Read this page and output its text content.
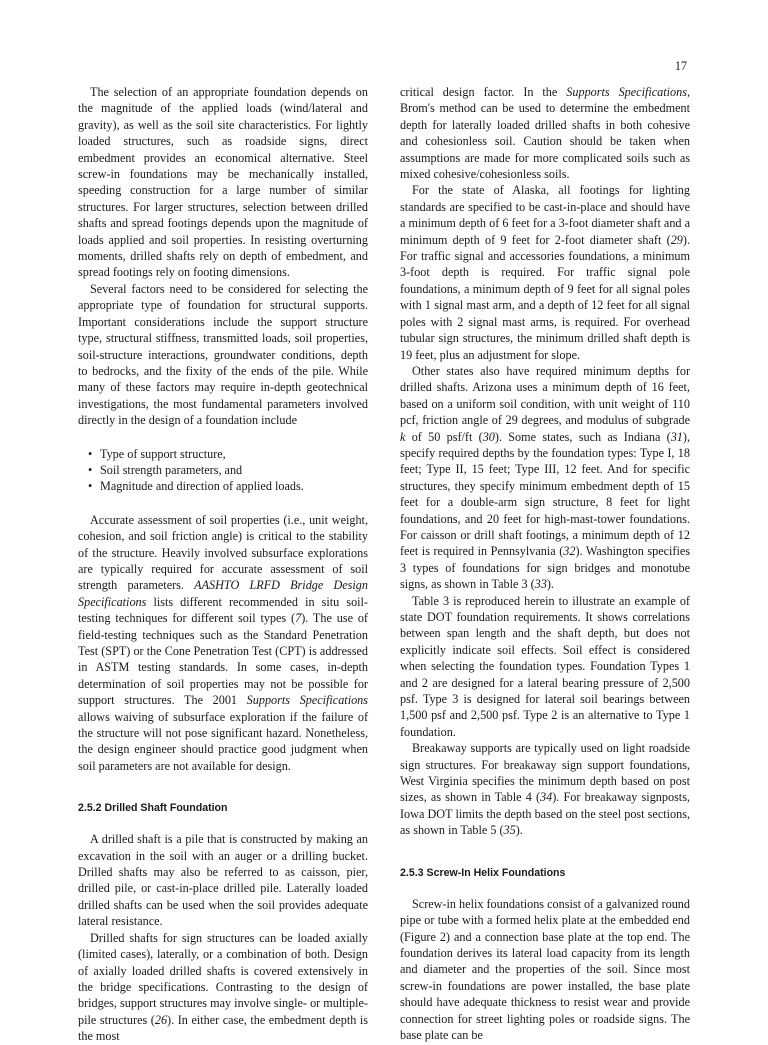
17

The selection of an appropriate foundation depends on the magnitude of the applied loads (wind/lateral and gravity), as well as the soil site characteristics. For lightly loaded structures, such as roadside signs, direct embedment provides an economical alternative. Steel screw-in foundations may be mechanically installed, speeding construction for a large number of similar structures. For larger structures, selection between drilled shafts and spread footings depends upon the magnitude of loads applied and soil properties. In resisting overturning moments, drilled shafts rely on depth of embedment, and spread footings rely on footing dimensions.

Several factors need to be considered for selecting the appropriate type of foundation for structural supports. Important considerations include the support structure type, structural stiffness, transmitted loads, soil properties, soil-structure interactions, groundwater conditions, depth to bedrocks, and the fixity of the ends of the pile. While many of these factors may require in-depth geotechnical investigations, the most fundamental parameters involved directly in the design of a foundation include

• Type of support structure,
• Soil strength parameters, and
• Magnitude and direction of applied loads.

Accurate assessment of soil properties (i.e., unit weight, cohesion, and soil friction angle) is critical to the stability of the structure. Heavily involved subsurface explorations are typically required for accurate assessment of soil strength parameters. AASHTO LRFD Bridge Design Specifications lists different recommended in situ soil-testing techniques for different soil types (7). The use of field-testing techniques such as the Standard Penetration Test (SPT) or the Cone Penetration Test (CPT) is addressed in ASTM testing standards. In some cases, in-depth determination of soil properties may not be possible for support structures. The 2001 Supports Specifications allows waiving of subsurface exploration if the failure of the structure will not pose significant hazard. Nonetheless, the design engineer should practice good judgment when soil parameters are not available for design.

2.5.2 Drilled Shaft Foundation

A drilled shaft is a pile that is constructed by making an excavation in the soil with an auger or a drilling bucket. Drilled shafts may also be referred to as caisson, pier, drilled pile, or cast-in-place drilled pile. Laterally loaded drilled shafts can be used when the soil provides adequate lateral resistance.

Drilled shafts for sign structures can be loaded axially (limited cases), laterally, or a combination of both. Design of axially loaded drilled shafts is covered extensively in the bridge specifications. Contrasting to the design of bridges, support structures may involve single- or multiple-pile structures (26). In either case, the embedment depth is the most

critical design factor. In the Supports Specifications, Brom's method can be used to determine the embedment depth for laterally loaded drilled shafts in both cohesive and cohesionless soil. Caution should be taken when assumptions are made for more complicated soils such as mixed cohesive/cohesionless soils.

For the state of Alaska, all footings for lighting standards are specified to be cast-in-place and should have a minimum depth of 6 feet for a 3-foot diameter shaft and a minimum depth of 9 feet for 2-foot diameter shaft (29). For traffic signal and accessories foundations, a minimum 3-foot depth is required. For traffic signal pole foundations, a minimum depth of 9 feet for all signal poles with 1 signal mast arm, and a depth of 12 feet for all signal poles with 2 signal mast arms, is required. For overhead tubular sign structures, the minimum drilled shaft depth is 19 feet, plus an adjustment for slope.

Other states also have required minimum depths for drilled shafts. Arizona uses a minimum depth of 16 feet, based on a uniform soil condition, with unit weight of 110 pcf, friction angle of 29 degrees, and modulus of subgrade k of 50 psf/ft (30). Some states, such as Indiana (31), specify required depths by the foundation types: Type I, 18 feet; Type II, 15 feet; Type III, 12 feet. And for specific structures, they specify minimum embedment depth of 15 feet for a double-arm sign structure, 8 feet for light foundations, and 20 feet for high-mast-tower foundations. For caisson or drill shaft footings, a minimum depth of 12 feet is required in Pennsylvania (32). Washington specifies 3 types of foundations for sign bridges and monotube signs, as shown in Table 3 (33).

Table 3 is reproduced herein to illustrate an example of state DOT foundation requirements. It shows correlations between span length and the shaft depth, but does not explicitly indicate soil effects. Soil effect is considered when selecting the foundation types. Foundation Types 1 and 2 are designed for a lateral bearing pressure of 2,500 psf. Type 3 is designed for lateral soil bearings between 1,500 psf and 2,500 psf. Type 2 is an alternative to Type 1 foundation.

Breakaway supports are typically used on light roadside sign structures. For breakaway sign support foundations, West Virginia specifies the minimum depth based on post sizes, as shown in Table 4 (34). For breakaway signposts, Iowa DOT limits the depth based on the steel post sections, as shown in Table 5 (35).

2.5.3 Screw-In Helix Foundations

Screw-in helix foundations consist of a galvanized round pipe or tube with a formed helix plate at the embedded end (Figure 2) and a connection base plate at the top end. The foundation derives its lateral load capacity from its length and diameter and the properties of the soil. Since most screw-in foundations are power installed, the base plate should have adequate thickness to resist wear and provide connection for street lighting poles or roadside signs. The base plate can be
